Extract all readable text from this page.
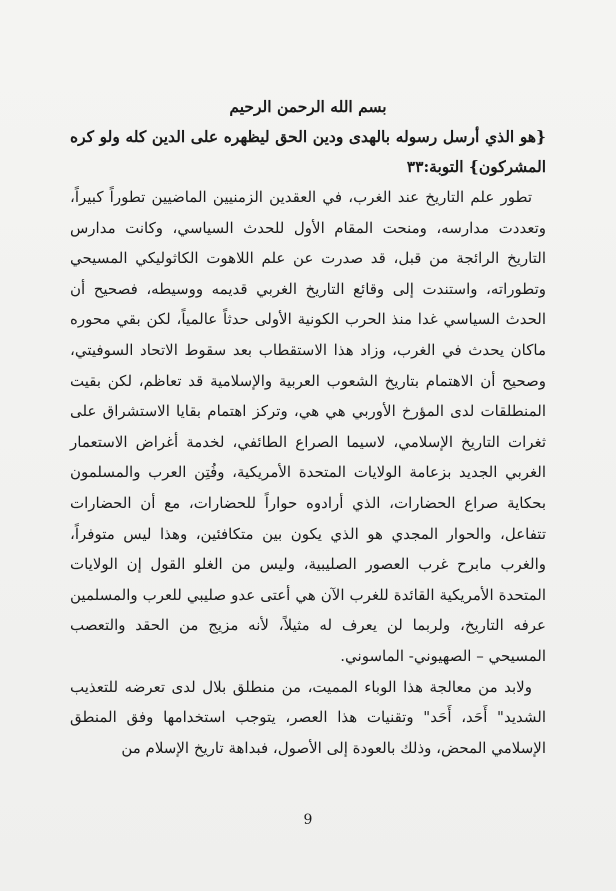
بسم الله الرحمن الرحيم

{هو الذي أرسل رسوله بالهدى ودين الحق ليظهره على الدين كله ولو كره المشركون} التوبة:٣٣

تطور علم التاريخ عند الغرب، في العقدين الزمنيين الماضيين تطوراً كبيراً، وتعددت مدارسه، ومنحت المقام الأول للحدث السياسي، وكانت مدارس التاريخ الرائجة من قبل، قد صدرت عن علم اللاهوت الكاثوليكي المسيحي وتطوراته، واستندت إلى وقائع التاريخ الغربي قديمه ووسيطه، فصحيح أن الحدث السياسي غدا منذ الحرب الكونية الأولى حدثاً عالمياً، لكن بقي محوره ماكان يحدث في الغرب، وزاد هذا الاستقطاب بعد سقوط الاتحاد السوفيتي، وصحيح أن الاهتمام بتاريخ الشعوب العربية والإسلامية قد تعاظم، لكن بقيت المنطلقات لدى المؤرخ الأوربي هي هي، وتركز اهتمام بقايا الاستشراق على ثغرات التاريخ الإسلامي، لاسيما الصراع الطائفي، لخدمة أغراض الاستعمار الغربي الجديد بزعامة الولايات المتحدة الأمريكية، وفُتِن العرب والمسلمون بحكاية صراع الحضارات، الذي أرادوه حواراً للحضارات، مع أن الحضارات تتفاعل، والحوار المجدي هو الذي يكون بين متكافئين، وهذا ليس متوفراً، والغرب مابرح غرب العصور الصليبية، وليس من الغلو القول إن الولايات المتحدة الأمريكية القائدة للغرب الآن هي أعتى عدو صليبي للعرب والمسلمين عرفه التاريخ، ولربما لن يعرف له مثيلاً، لأنه مزيج من الحقد والتعصب المسيحي – الصهيوني- الماسوني.

ولابد من معالجة هذا الوباء المميت، من منطلق بلال لدى تعرضه للتعذيب الشديد" أَحَد، أَحَد" وتقنيات هذا العصر، يتوجب استخدامها وفق المنطق الإسلامي المحض، وذلك بالعودة إلى الأصول، فبداهة تاريخ الإسلام من

9
